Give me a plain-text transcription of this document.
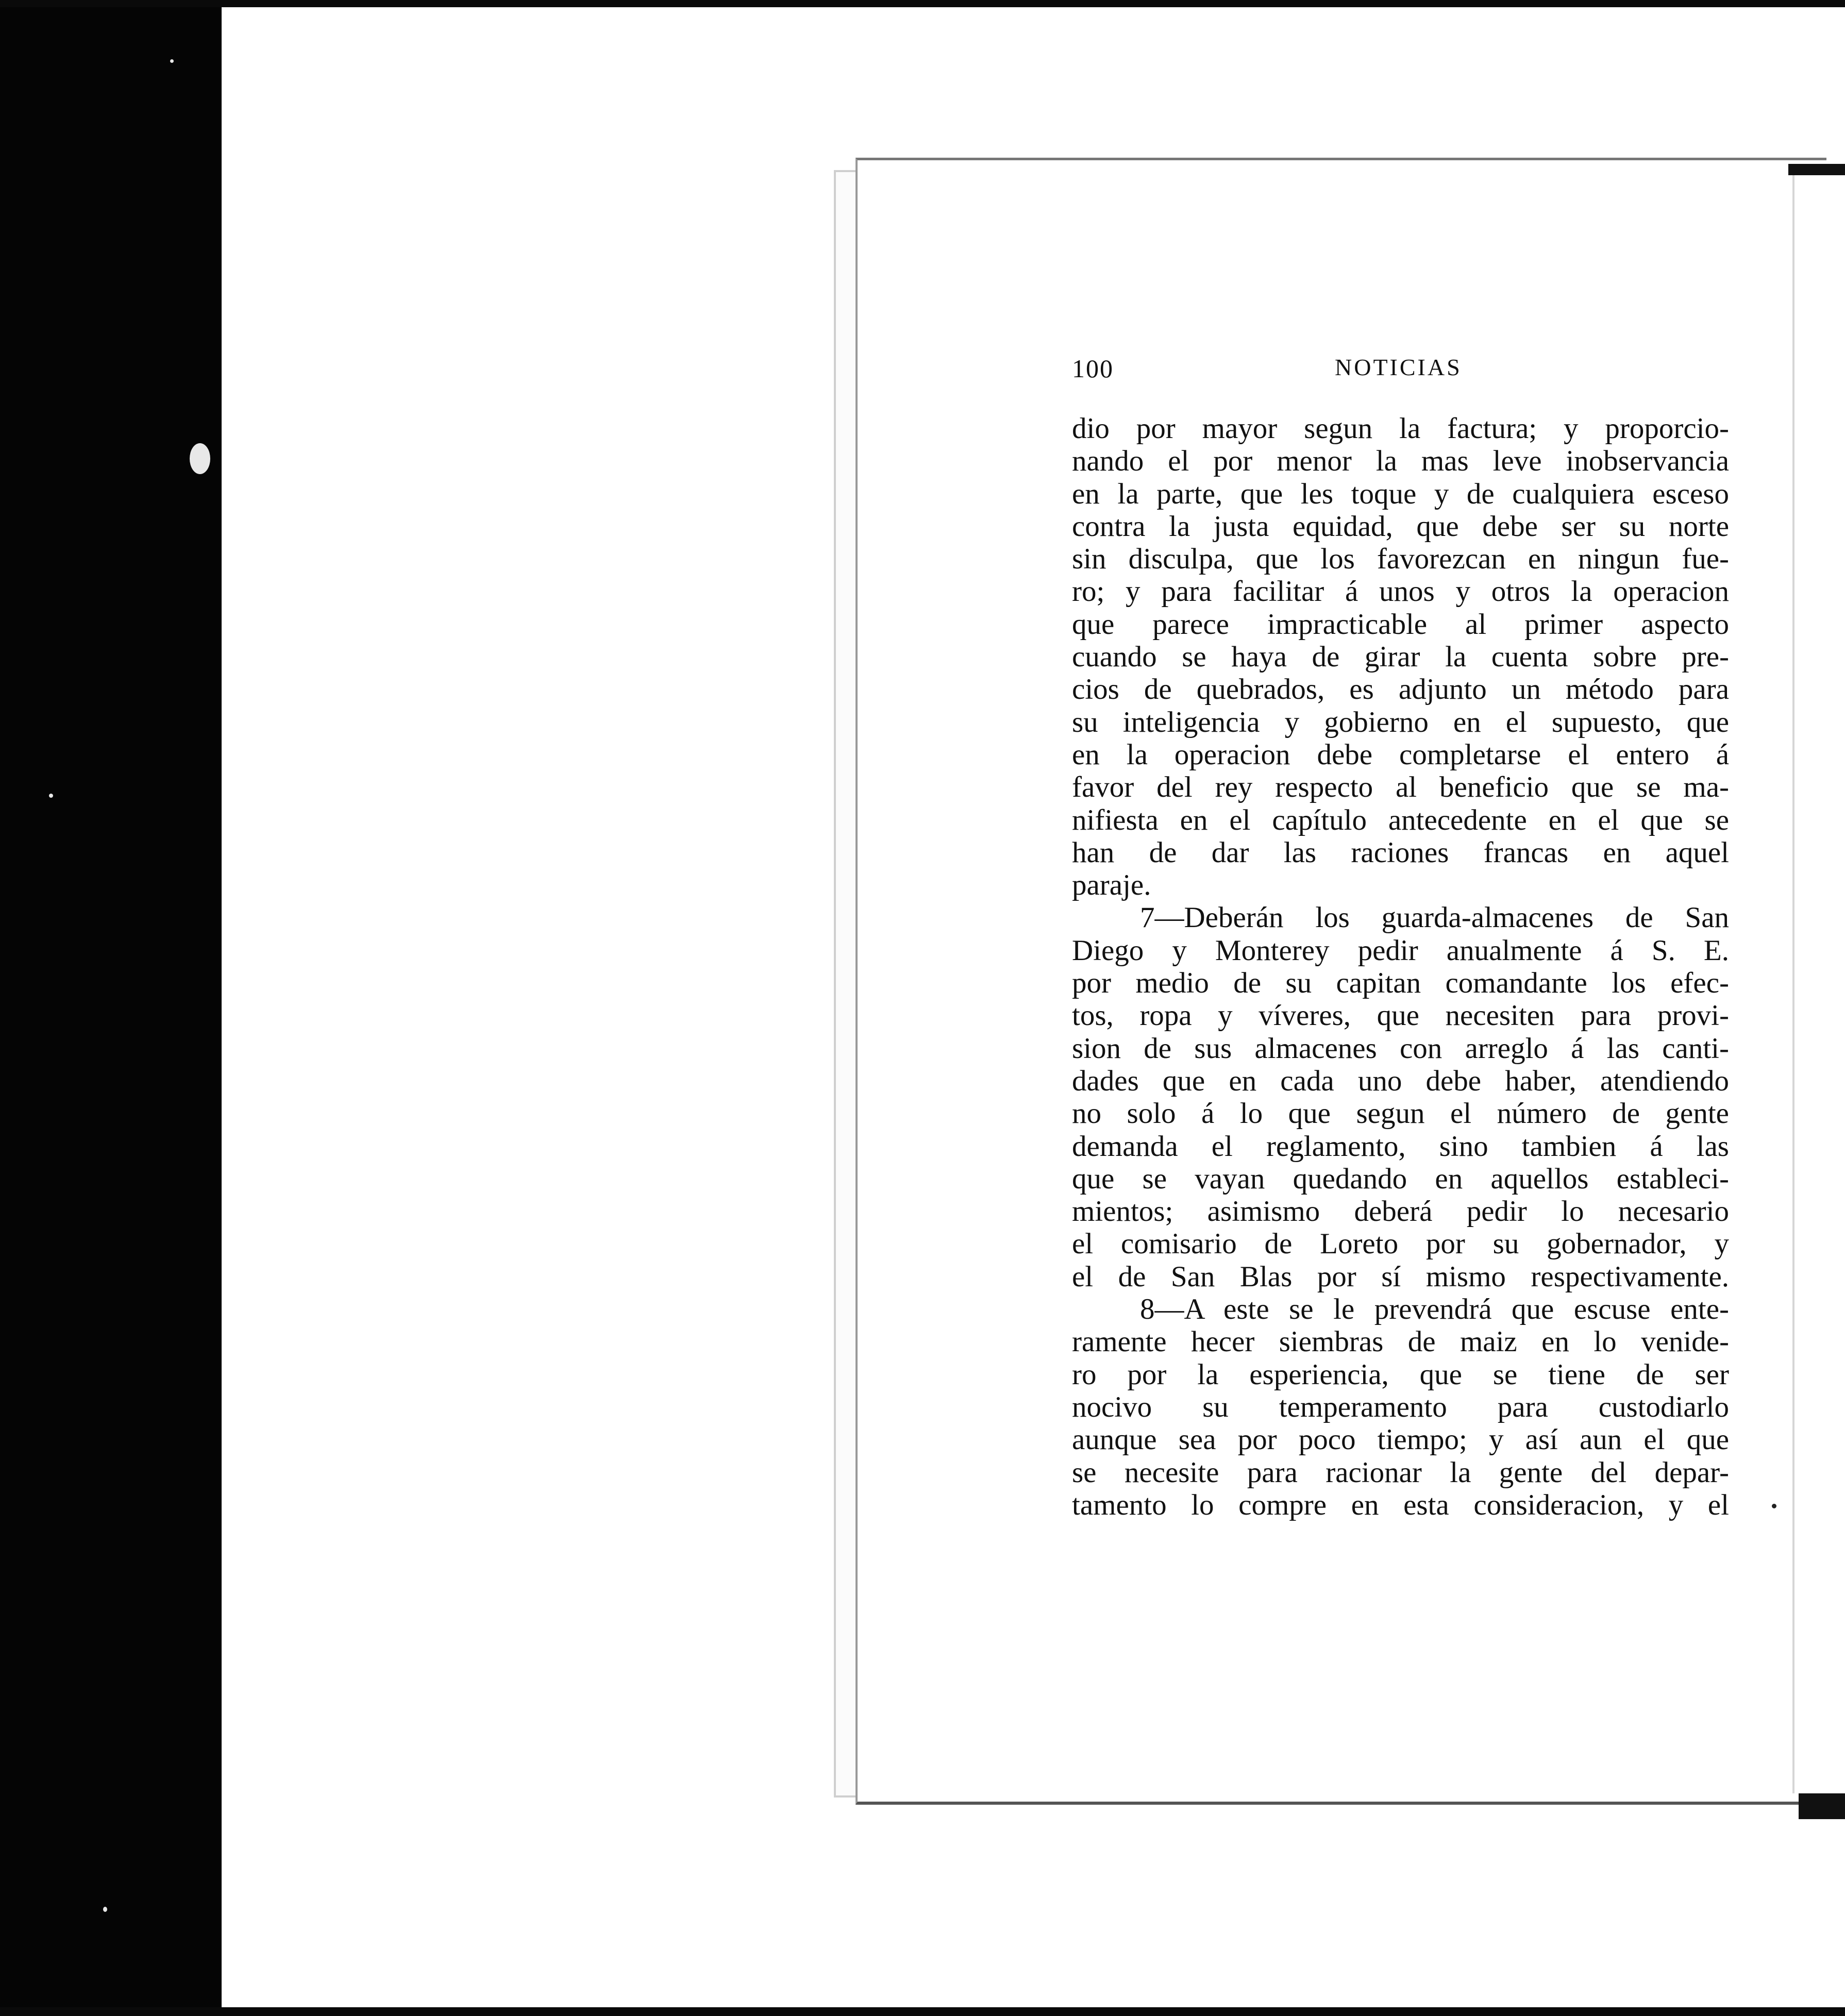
100	NOTICIAS
dio por mayor segun la factura; y proporcio-
nando el por menor la mas leve inobservancia
en la parte, que les toque y de cualquiera esceso
contra la justa equidad, que debe ser su norte
sin disculpa, que los favorezcan en ningun fue-
ro; y para facilitar á unos y otros la operacion
que parece impracticable al primer aspecto
cuando se haya de girar la cuenta sobre pre-
cios de quebrados, es adjunto un método para
su inteligencia y gobierno en el supuesto, que
en la operacion debe completarse el entero á
favor del rey respecto al beneficio que se ma-
nifiesta en el capítulo antecedente en el que se
han de dar las raciones francas en aquel
paraje.
7—Deberán los guarda-almacenes de San
Diego y Monterey pedir anualmente á S. E.
por medio de su capitan comandante los efec-
tos, ropa y víveres, que necesiten para provi-
sion de sus almacenes con arreglo á las canti-
dades que en cada uno debe haber, atendiendo
no solo á lo que segun el número de gente
demanda el reglamento, sino tambien á las
que se vayan quedando en aquellos estableci-
mientos; asimismo deberá pedir lo necesario
el comisario de Loreto por su gobernador, y
el de San Blas por sí mismo respectivamente.
8—A este se le prevendrá que escuse ente-
ramente hecer siembras de maiz en lo venide-
ro por la esperiencia, que se tiene de ser
nocivo su temperamento para custodiarlo
aunque sea por poco tiempo; y así aun el que
se necesite para racionar la gente del depar-
tamento lo compre en esta consideracion, y el
